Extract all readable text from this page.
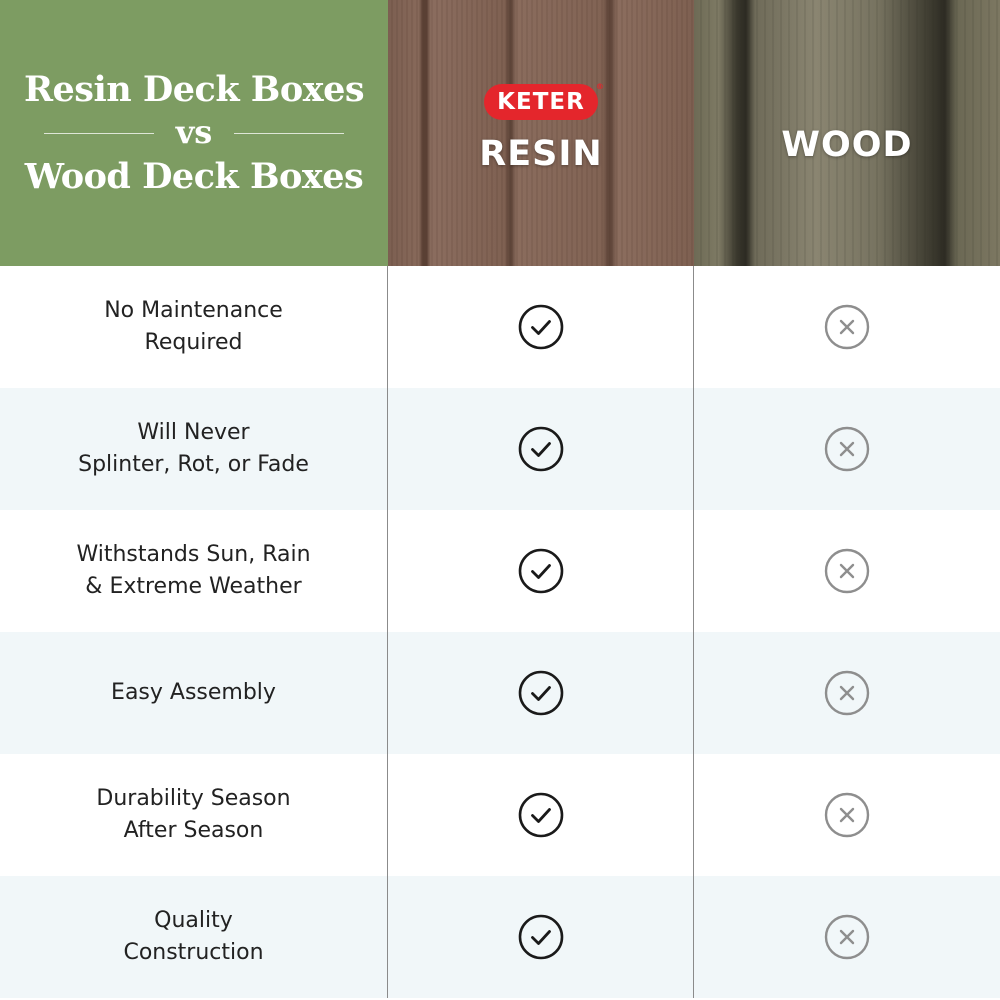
Resin Deck Boxes
vs
Wood Deck Boxes
KETER
®
RESIN	WOOD
No Maintenance
Required
Will Never
Splinter, Rot, or Fade
Withstands Sun, Rain
& Extreme Weather
Easy Assembly
Durability Season
After Season
Quality
Construction
